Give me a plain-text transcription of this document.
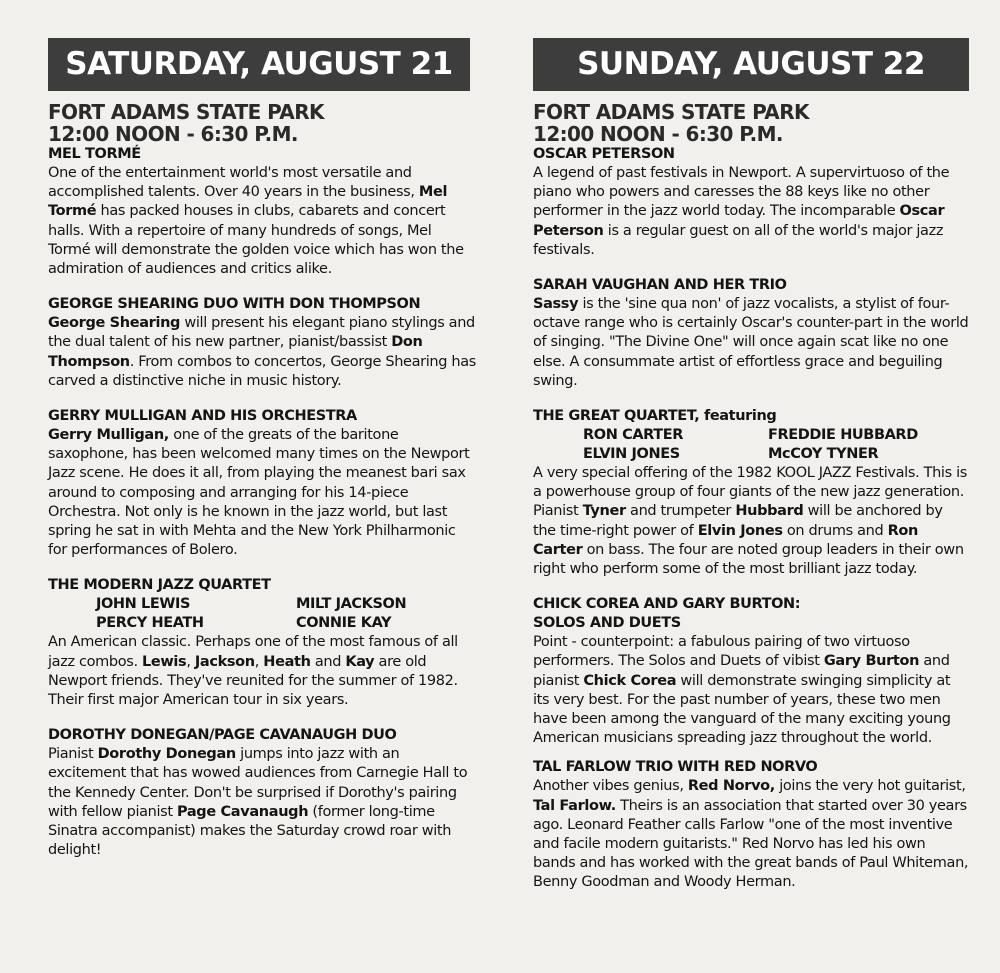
SATURDAY, AUGUST 21
FORT ADAMS STATE PARK
12:00 NOON - 6:30 P.M.
MEL TORMÉ
One of the entertainment world's most versatile and accomplished talents. Over 40 years in the business, Mel Tormé has packed houses in clubs, cabarets and concert halls. With a repertoire of many hundreds of songs, Mel Tormé will demonstrate the golden voice which has won the admiration of audiences and critics alike.
GEORGE SHEARING DUO WITH DON THOMPSON
George Shearing will present his elegant piano stylings and the dual talent of his new partner, pianist/bassist Don Thompson. From combos to concertos, George Shearing has carved a distinctive niche in music history.
GERRY MULLIGAN AND HIS ORCHESTRA
Gerry Mulligan, one of the greats of the baritone saxophone, has been welcomed many times on the Newport Jazz scene. He does it all, from playing the meanest bari sax around to composing and arranging for his 14-piece Orchestra. Not only is he known in the jazz world, but last spring he sat in with Mehta and the New York Philharmonic for performances of Bolero.
THE MODERN JAZZ QUARTET
JOHN LEWIS	MILT JACKSON
PERCY HEATH	CONNIE KAY
An American classic. Perhaps one of the most famous of all jazz combos. Lewis, Jackson, Heath and Kay are old Newport friends. They've reunited for the summer of 1982. Their first major American tour in six years.
DOROTHY DONEGAN/PAGE CAVANAUGH DUO
Pianist Dorothy Donegan jumps into jazz with an excitement that has wowed audiences from Carnegie Hall to the Kennedy Center. Don't be surprised if Dorothy's pairing with fellow pianist Page Cavanaugh (former long-time Sinatra accompanist) makes the Saturday crowd roar with delight!
SUNDAY, AUGUST 22
FORT ADAMS STATE PARK
12:00 NOON - 6:30 P.M.
OSCAR PETERSON
A legend of past festivals in Newport. A supervirtuoso of the piano who powers and caresses the 88 keys like no other performer in the jazz world today. The incomparable Oscar Peterson is a regular guest on all of the world's major jazz festivals.
SARAH VAUGHAN AND HER TRIO
Sassy is the 'sine qua non' of jazz vocalists, a stylist of four-octave range who is certainly Oscar's counter-part in the world of singing. "The Divine One" will once again scat like no one else. A consummate artist of effortless grace and beguiling swing.
THE GREAT QUARTET, featuring
RON CARTER	FREDDIE HUBBARD
ELVIN JONES	McCOY TYNER
A very special offering of the 1982 KOOL JAZZ Festivals. This is a powerhouse group of four giants of the new jazz generation. Pianist Tyner and trumpeter Hubbard will be anchored by the time-right power of Elvin Jones on drums and Ron Carter on bass. The four are noted group leaders in their own right who perform some of the most brilliant jazz today.
CHICK COREA AND GARY BURTON:
SOLOS AND DUETS
Point - counterpoint: a fabulous pairing of two virtuoso performers. The Solos and Duets of vibist Gary Burton and pianist Chick Corea will demonstrate swinging simplicity at its very best. For the past number of years, these two men have been among the vanguard of the many exciting young American musicians spreading jazz throughout the world.
TAL FARLOW TRIO WITH RED NORVO
Another vibes genius, Red Norvo, joins the very hot guitarist, Tal Farlow. Theirs is an association that started over 30 years ago. Leonard Feather calls Farlow "one of the most inventive and facile modern guitarists." Red Norvo has led his own bands and has worked with the great bands of Paul Whiteman, Benny Goodman and Woody Herman.
